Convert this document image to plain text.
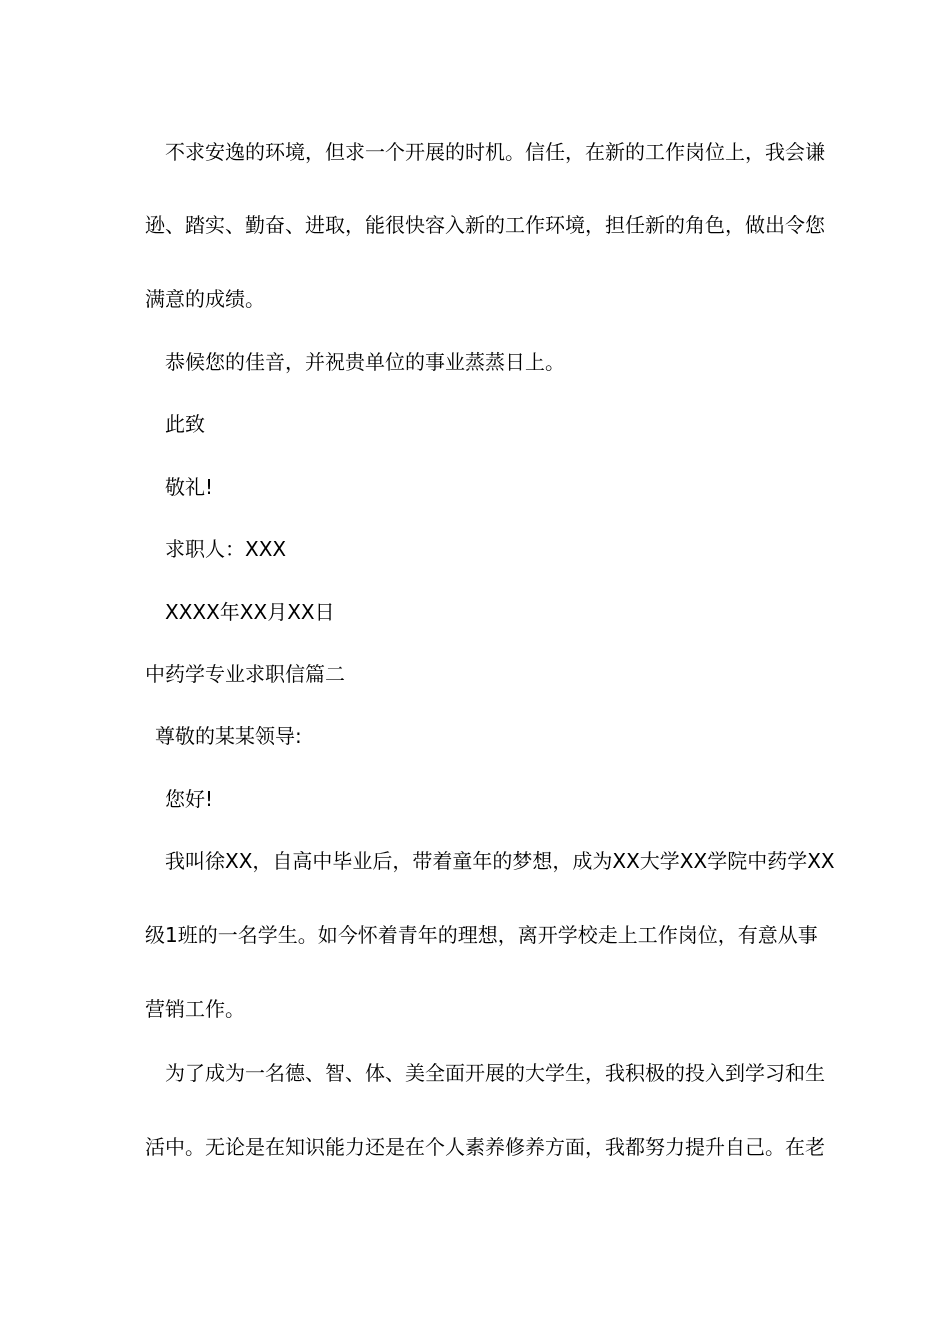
不求安逸的环境，但求一个开展的时机。信任，在新的工作岗位上，我会谦
逊、踏实、勤奋、进取，能很快容入新的工作环境，担任新的角色，做出令您
满意的成绩。
恭候您的佳音，并祝贵单位的事业蒸蒸日上。
此致
敬礼!
求职人：XXX
XXXX年XX月XX日
中药学专业求职信篇二
尊敬的某某领导:
您好!
我叫徐XX，自高中毕业后，带着童年的梦想，成为XX大学XX学院中药学XX
级1班的一名学生。如今怀着青年的理想，离开学校走上工作岗位，有意从事
营销工作。
为了成为一名德、智、体、美全面开展的大学生，我积极的投入到学习和生
活中。无论是在知识能力还是在个人素养修养方面，我都努力提升自己。在老
